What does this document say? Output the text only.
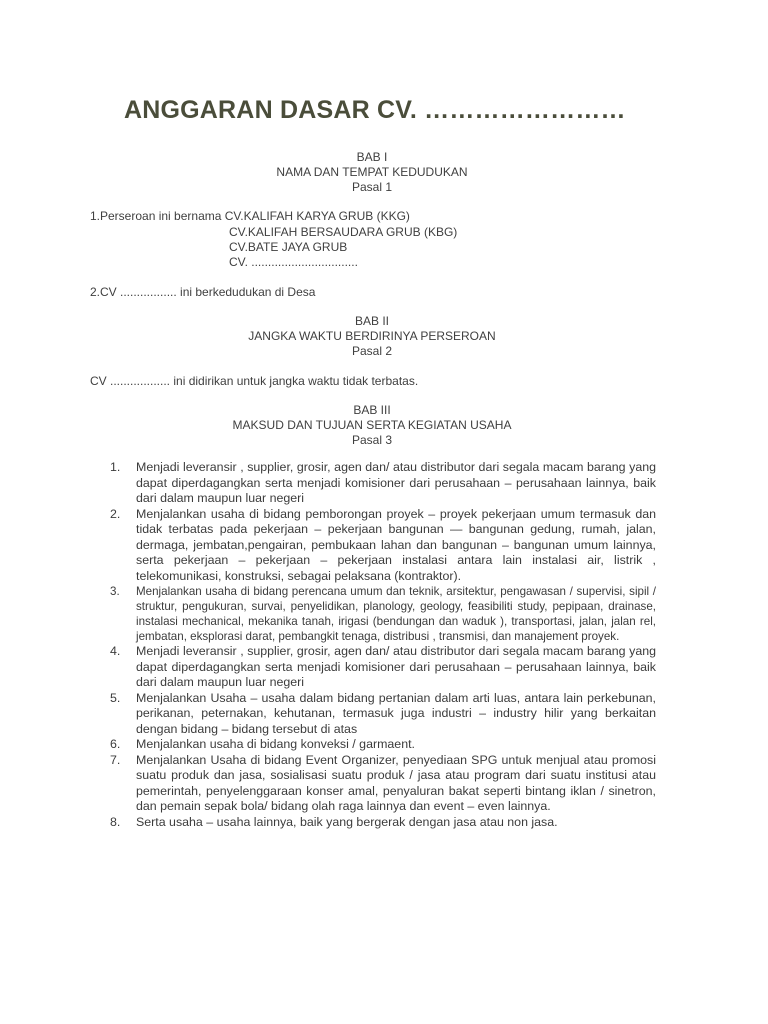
ANGGARAN DASAR CV. ……………………
BAB I
NAMA DAN TEMPAT KEDUDUKAN
Pasal 1
1.Perseroan ini bernama CV.KALIFAH KARYA GRUB (KKG)
CV.KALIFAH BERSAUDARA GRUB (KBG)
CV.BATE JAYA GRUB
CV. ................................
2.CV ................. ini berkedudukan di Desa
BAB II
JANGKA WAKTU BERDIRINYA PERSEROAN
Pasal 2
CV .................. ini didirikan untuk jangka waktu tidak terbatas.
BAB III
MAKSUD DAN TUJUAN SERTA KEGIATAN USAHA
Pasal 3
1. Menjadi leveransir , supplier, grosir, agen dan/ atau distributor dari segala macam barang yang dapat diperdagangkan serta menjadi komisioner dari perusahaan – perusahaan lainnya, baik dari dalam maupun luar negeri
2. Menjalankan usaha di bidang pemborongan proyek – proyek pekerjaan umum termasuk dan tidak terbatas pada pekerjaan – pekerjaan bangunan — bangunan gedung, rumah, jalan, dermaga, jembatan,pengairan, pembukaan lahan dan bangunan – bangunan umum lainnya, serta pekerjaan – pekerjaan – pekerjaan instalasi antara lain instalasi air, listrik , telekomunikasi, konstruksi, sebagai pelaksana (kontraktor).
3. Menjalankan usaha di bidang perencana umum dan teknik, arsitektur, pengawasan / supervisi, sipil / struktur, pengukuran, survai, penyelidikan, planology, geology, feasibiliti study, pepipaan, drainase, instalasi mechanical, mekanika tanah, irigasi (bendungan dan waduk ), transportasi, jalan, jalan rel, jembatan, eksplorasi darat, pembangkit tenaga, distribusi , transmisi, dan manajement proyek.
4. Menjadi leveransir , supplier, grosir, agen dan/ atau distributor dari segala macam barang yang dapat diperdagangkan serta menjadi komisioner dari perusahaan – perusahaan lainnya, baik dari dalam maupun luar negeri
5. Menjalankan Usaha – usaha dalam bidang pertanian dalam arti luas, antara lain perkebunan, perikanan, peternakan, kehutanan, termasuk juga industri – industry hilir yang berkaitan dengan bidang – bidang tersebut di atas
6. Menjalankan usaha di bidang konveksi / garmaent.
7. Menjalankan Usaha di bidang Event Organizer, penyediaan SPG untuk menjual atau promosi suatu produk dan jasa, sosialisasi suatu produk / jasa atau program dari suatu institusi atau pemerintah, penyelenggaraan konser amal, penyaluran bakat seperti bintang iklan / sinetron, dan pemain sepak bola/ bidang olah raga lainnya dan event – even lainnya.
8. Serta usaha – usaha lainnya, baik yang bergerak dengan jasa atau non jasa.
